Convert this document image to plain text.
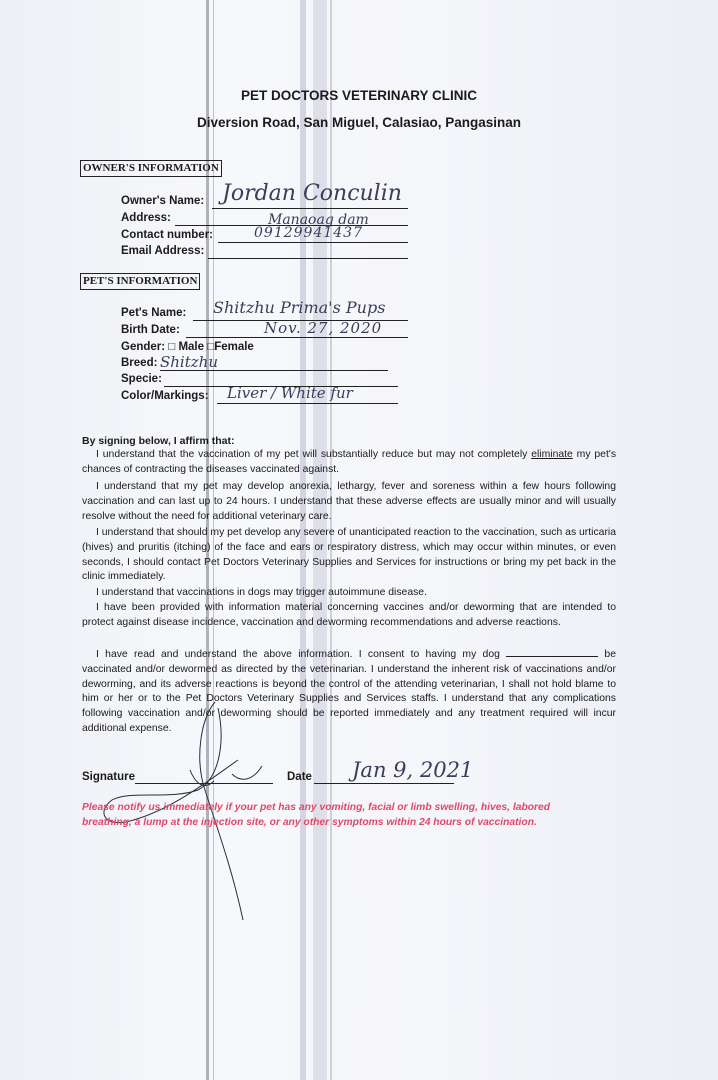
PET DOCTORS VETERINARY CLINIC
Diversion Road, San Miguel, Calasiao, Pangasinan
OWNER'S INFORMATION
Owner's Name: Jordan Conculin
Address:	Manaoag dam
Contact number:	09129941437
Email Address:
PET'S INFORMATION
Pet's Name: Shitzhu Prima's Pups
Birth Date:	Nov. 27, 2020
Gender: □ Male □Female
Breed: Shitzhu
Specie:
Color/Markings: Liver / White fur
By signing below, I affirm that:
I understand that the vaccination of my pet will substantially reduce but may not completely eliminate my pet's chances of contracting the diseases vaccinated against.
I understand that my pet may develop anorexia, lethargy, fever and soreness within a few hours following vaccination and can last up to 24 hours. I understand that these adverse effects are usually minor and will usually resolve without the need for additional veterinary care.
I understand that should my pet develop any severe of unanticipated reaction to the vaccination, such as urticaria (hives) and pruritis (itching) of the face and ears or respiratory distress, which may occur within minutes, or even seconds, I should contact Pet Doctors Veterinary Supplies and Services for instructions or bring my pet back in the clinic immediately.
I understand that vaccinations in dogs may trigger autoimmune disease.
I have been provided with information material concerning vaccines and/or deworming that are intended to protect against disease incidence, vaccination and deworming recommendations and adverse reactions.
I have read and understand the above information. I consent to having my dog	be vaccinated and/or dewormed as directed by the veterinarian. I understand the inherent risk of vaccinations and/or deworming, and its adverse reactions is beyond the control of the attending veterinarian, I shall not hold blame to him or her or to the Pet Doctors Veterinary Supplies and Services staffs. I understand that any complications following vaccination and/or deworming should be reported immediately and any treatment required will incur additional expense.
Signature	Date Jan 9, 2021
Please notify us immediately if your pet has any vomiting, facial or limb swelling, hives, labored breathing, a lump at the injection site, or any other symptoms within 24 hours of vaccination.
